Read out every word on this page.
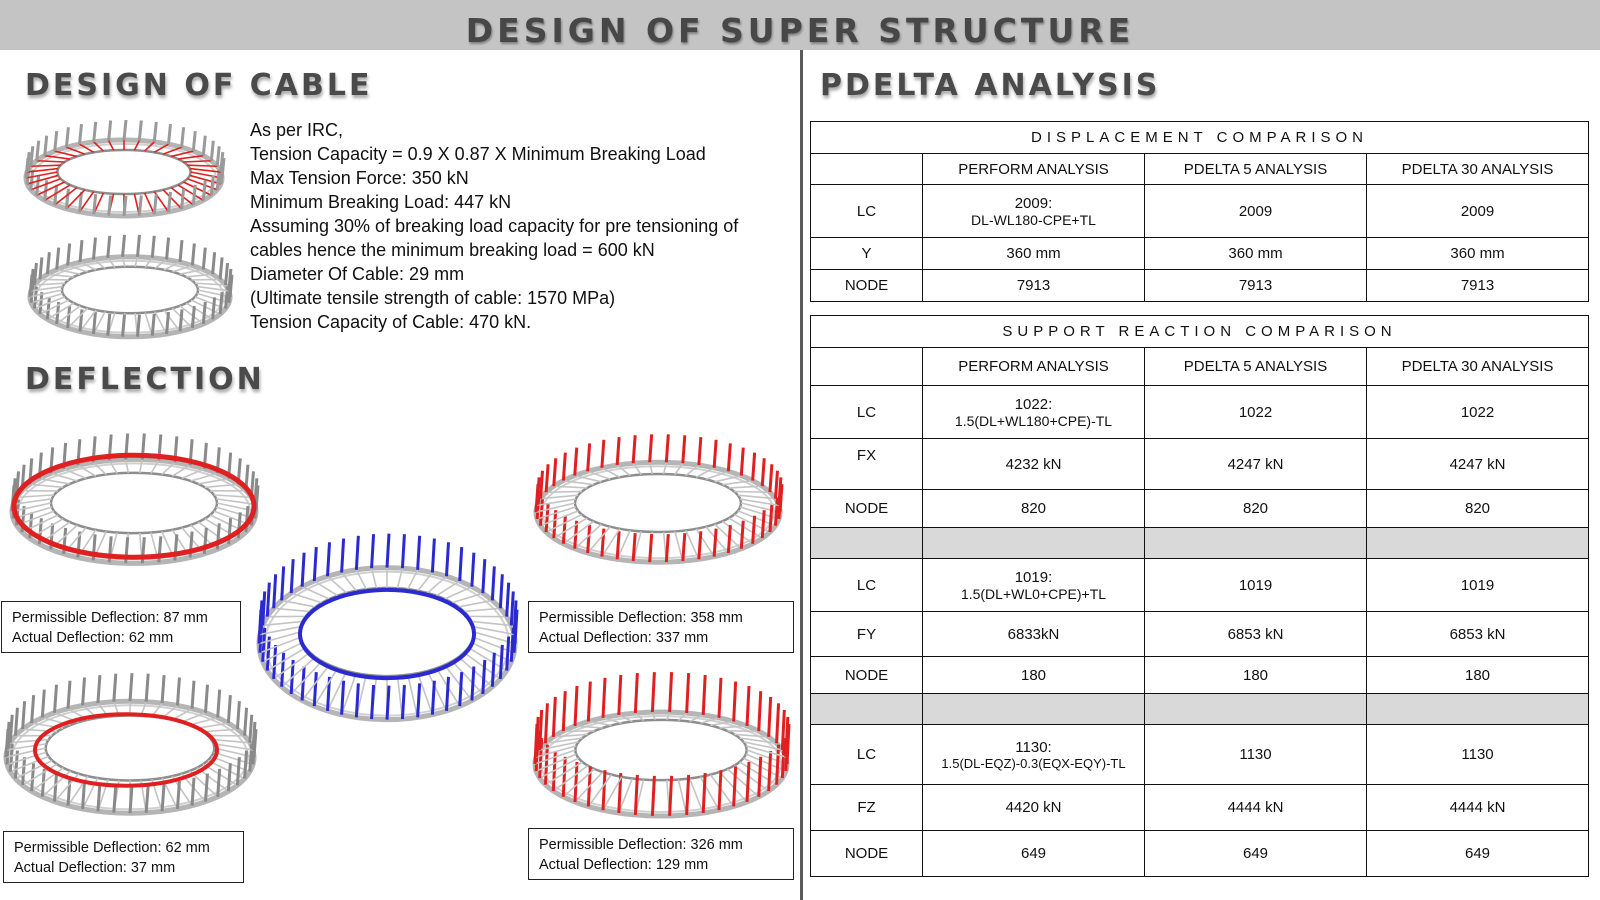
DESIGN OF SUPER STRUCTURE
DESIGN OF CABLE
As per IRC,
Tension Capacity = 0.9 X 0.87 X Minimum Breaking Load
Max Tension Force: 350 kN
Minimum Breaking Load: 447 kN
Assuming 30% of breaking load capacity for pre tensioning of
cables hence the minimum breaking load = 600 kN
Diameter Of Cable: 29 mm
(Ultimate tensile strength of cable: 1570 MPa)
Tension Capacity of Cable: 470 kN.
DEFLECTION
Permissible Deflection: 87 mm
Actual Deflection: 62 mm
Permissible Deflection: 358 mm
Actual Deflection: 337 mm
Permissible Deflection: 62 mm
Actual Deflection: 37 mm
Permissible Deflection: 326 mm
Actual Deflection: 129 mm
PDELTA ANALYSIS
DISPLACEMENT COMPARISON			
	PERFORM ANALYSIS	PDELTA 5 ANALYSIS	PDELTA 30 ANALYSIS
LC	2009:
DL-WL180-CPE+TL	2009	2009
Y	360 mm	360 mm	360 mm
NODE	7913	7913	7913
SUPPORT REACTION COMPARISON			
	PERFORM ANALYSIS	PDELTA 5 ANALYSIS	PDELTA 30 ANALYSIS
LC	1022:
1.5(DL+WL180+CPE)-TL	1022	1022
FX	4232 kN	4247 kN	4247 kN
NODE	820	820	820

LC	1019:
1.5(DL+WL0+CPE)+TL	1019	1019
FY	6833kN	6853 kN	6853 kN
NODE	180	180	180

LC	1130:
1.5(DL-EQZ)-0.3(EQX-EQY)-TL	1130	1130
FZ	4420 kN	4444 kN	4444 kN
NODE	649	649	649
